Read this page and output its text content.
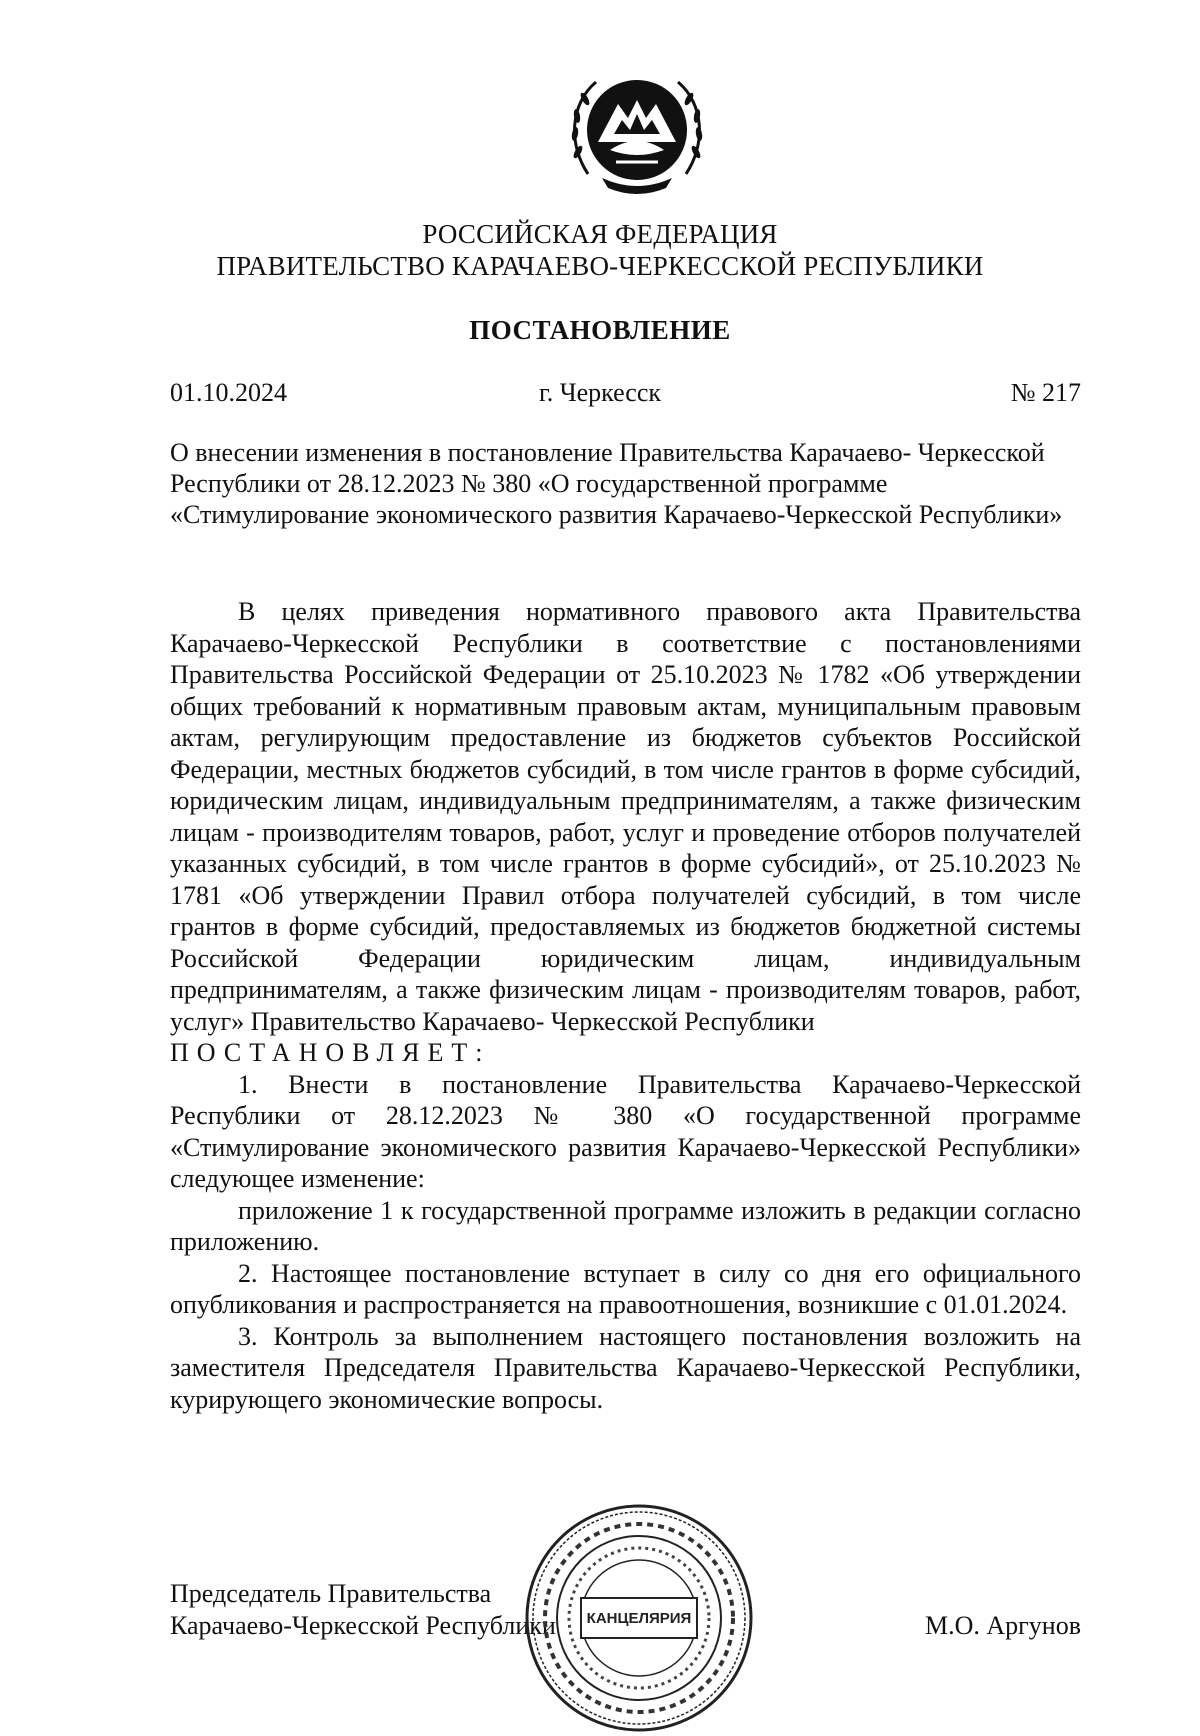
РОССИЙСКАЯ ФЕДЕРАЦИЯ
ПРАВИТЕЛЬСТВО КАРАЧАЕВО-ЧЕРКЕССКОЙ РЕСПУБЛИКИ
ПОСТАНОВЛЕНИЕ
01.10.2024	г. Черкесск	№ 217

О внесении изменения в постановление Правительства Карачаево- Черкесской Республики от 28.12.2023 № 380 «О государственной программе «Стимулирование экономического развития Карачаево-Черкесской Республики»

В целях приведения нормативного правового акта Правительства Карачаево-Черкесской Республики в соответствие с постановлениями Правительства Российской Федерации от 25.10.2023 № 1782 «Об утверждении общих требований к нормативным правовым актам, муниципальным правовым актам, регулирующим предоставление из бюджетов субъектов Российской Федерации, местных бюджетов субсидий, в том числе грантов в форме субсидий, юридическим лицам, индивидуальным предпринимателям, а также физическим лицам - производителям товаров, работ, услуг и проведение отборов получателей указанных субсидий, в том числе грантов в форме субсидий», от 25.10.2023 № 1781 «Об утверждении Правил отбора получателей субсидий, в том числе грантов в форме субсидий, предоставляемых из бюджетов бюджетной системы Российской Федерации юридическим лицам, индивидуальным предпринимателям, а также физическим лицам - производителям товаров, работ, услуг» Правительство Карачаево- Черкесской Республики

ПОСТАНОВЛЯЕТ:

1. Внести в постановление Правительства Карачаево-Черкесской Республики от 28.12.2023 № 380 «О государственной программе «Стимулирование экономического развития Карачаево-Черкесской Республики» следующее изменение:

приложение 1 к государственной программе изложить в редакции согласно приложению.

2. Настоящее постановление вступает в силу со дня его официального опубликования и распространяется на правоотношения, возникшие с 01.01.2024.

3. Контроль за выполнением настоящего постановления возложить на заместителя Председателя Правительства Карачаево-Черкесской Республики, курирующего экономические вопросы.

Председатель Правительства
Карачаево-Черкесской Республики	М.О. Аргунов
КАНЦЕЛЯРИЯ
